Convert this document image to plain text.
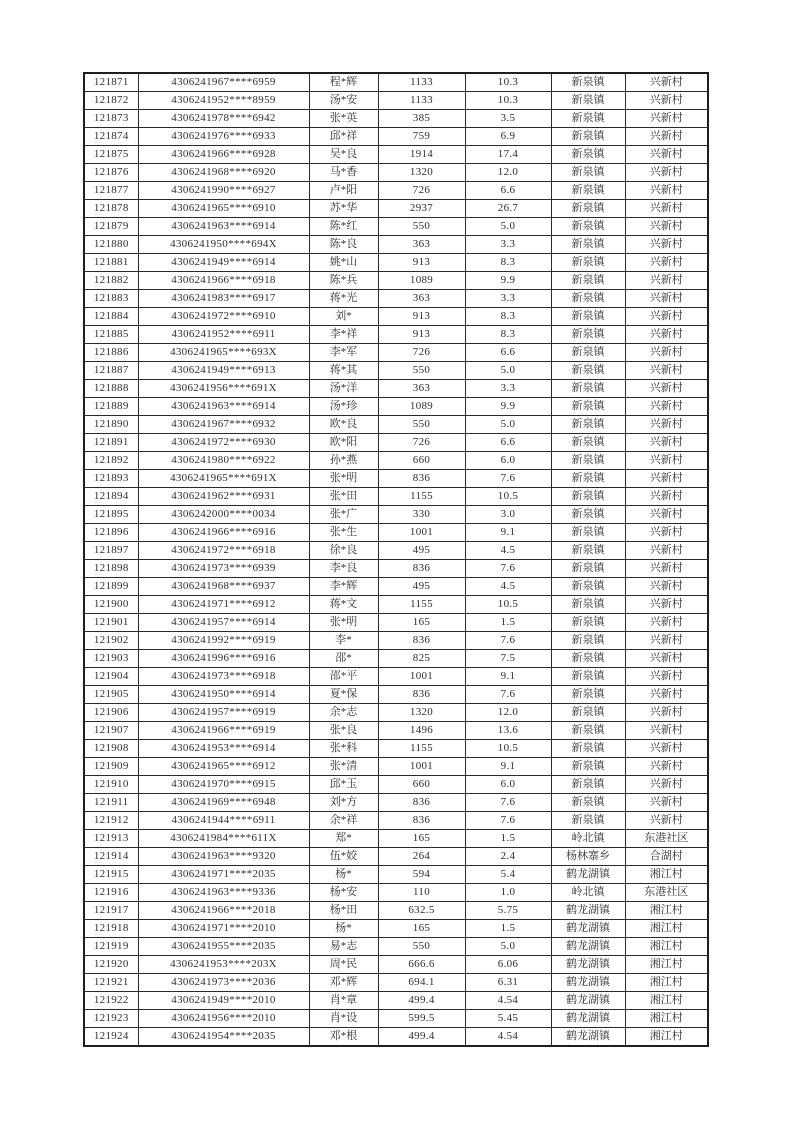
121871	4306241967****6959	程*辉	1133	10.3	新泉镇	兴新村
121872	4306241952****8959	汤*安	1133	10.3	新泉镇	兴新村
121873	4306241978****6942	张*英	385	3.5	新泉镇	兴新村
121874	4306241976****6933	邱*祥	759	6.9	新泉镇	兴新村
121875	4306241966****6928	吴*良	1914	17.4	新泉镇	兴新村
121876	4306241968****6920	马*香	1320	12.0	新泉镇	兴新村
121877	4306241990****6927	卢*阳	726	6.6	新泉镇	兴新村
121878	4306241965****6910	苏*华	2937	26.7	新泉镇	兴新村
121879	4306241963****6914	陈*红	550	5.0	新泉镇	兴新村
121880	4306241950****694X	陈*良	363	3.3	新泉镇	兴新村
121881	4306241949****6914	姚*山	913	8.3	新泉镇	兴新村
121882	4306241966****6918	陈*兵	1089	9.9	新泉镇	兴新村
121883	4306241983****6917	蒋*光	363	3.3	新泉镇	兴新村
121884	4306241972****6910	刘*	913	8.3	新泉镇	兴新村
121885	4306241952****6911	李*祥	913	8.3	新泉镇	兴新村
121886	4306241965****693X	李*军	726	6.6	新泉镇	兴新村
121887	4306241949****6913	蒋*其	550	5.0	新泉镇	兴新村
121888	4306241956****691X	汤*洋	363	3.3	新泉镇	兴新村
121889	4306241963****6914	汤*珍	1089	9.9	新泉镇	兴新村
121890	4306241967****6932	欧*良	550	5.0	新泉镇	兴新村
121891	4306241972****6930	欧*阳	726	6.6	新泉镇	兴新村
121892	4306241980****6922	孙*燕	660	6.0	新泉镇	兴新村
121893	4306241965****691X	张*明	836	7.6	新泉镇	兴新村
121894	4306241962****6931	张*田	1155	10.5	新泉镇	兴新村
121895	4306242000****0034	张*广	330	3.0	新泉镇	兴新村
121896	4306241966****6916	张*生	1001	9.1	新泉镇	兴新村
121897	4306241972****6918	徐*良	495	4.5	新泉镇	兴新村
121898	4306241973****6939	李*良	836	7.6	新泉镇	兴新村
121899	4306241968****6937	李*辉	495	4.5	新泉镇	兴新村
121900	4306241971****6912	蒋*文	1155	10.5	新泉镇	兴新村
121901	4306241957****6914	张*明	165	1.5	新泉镇	兴新村
121902	4306241992****6919	李*	836	7.6	新泉镇	兴新村
121903	4306241996****6916	邵*	825	7.5	新泉镇	兴新村
121904	4306241973****6918	邵*平	1001	9.1	新泉镇	兴新村
121905	4306241950****6914	夏*保	836	7.6	新泉镇	兴新村
121906	4306241957****6919	余*志	1320	12.0	新泉镇	兴新村
121907	4306241966****6919	张*良	1496	13.6	新泉镇	兴新村
121908	4306241953****6914	张*科	1155	10.5	新泉镇	兴新村
121909	4306241965****6912	张*清	1001	9.1	新泉镇	兴新村
121910	4306241970****6915	邱*玉	660	6.0	新泉镇	兴新村
121911	4306241969****6948	刘*方	836	7.6	新泉镇	兴新村
121912	4306241944****6911	余*祥	836	7.6	新泉镇	兴新村
121913	4306241984****611X	郑*	165	1.5	岭北镇	东港社区
121914	4306241963****9320	伍*姣	264	2.4	杨林寨乡	合湖村
121915	4306241971****2035	杨*	594	5.4	鹤龙湖镇	湘江村
121916	4306241963****9336	杨*安	110	1.0	岭北镇	东港社区
121917	4306241966****2018	杨*田	632.5	5.75	鹤龙湖镇	湘江村
121918	4306241971****2010	杨*	165	1.5	鹤龙湖镇	湘江村
121919	4306241955****2035	易*志	550	5.0	鹤龙湖镇	湘江村
121920	4306241953****203X	周*民	666.6	6.06	鹤龙湖镇	湘江村
121921	4306241973****2036	邓*辉	694.1	6.31	鹤龙湖镇	湘江村
121922	4306241949****2010	肖*章	499.4	4.54	鹤龙湖镇	湘江村
121923	4306241956****2010	肖*设	599.5	5.45	鹤龙湖镇	湘江村
121924	4306241954****2035	邓*根	499.4	4.54	鹤龙湖镇	湘江村
